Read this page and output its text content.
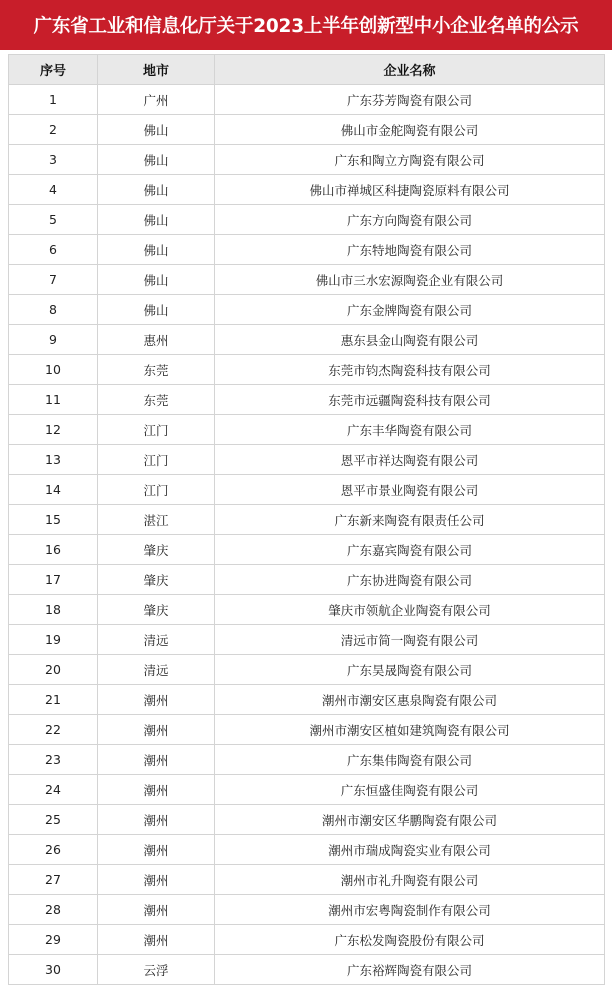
广东省工业和信息化厅关于2023上半年创新型中小企业名单的公示
序号	地市	企业名称
1	广州	广东芬芳陶瓷有限公司
2	佛山	佛山市金舵陶瓷有限公司
3	佛山	广东和陶立方陶瓷有限公司
4	佛山	佛山市禅城区科捷陶瓷原料有限公司
5	佛山	广东方向陶瓷有限公司
6	佛山	广东特地陶瓷有限公司
7	佛山	佛山市三水宏源陶瓷企业有限公司
8	佛山	广东金牌陶瓷有限公司
9	惠州	惠东县金山陶瓷有限公司
10	东莞	东莞市钧杰陶瓷科技有限公司
11	东莞	东莞市远疆陶瓷科技有限公司
12	江门	广东丰华陶瓷有限公司
13	江门	恩平市祥达陶瓷有限公司
14	江门	恩平市景业陶瓷有限公司
15	湛江	广东新来陶瓷有限责任公司
16	肇庆	广东嘉宾陶瓷有限公司
17	肇庆	广东协进陶瓷有限公司
18	肇庆	肇庆市领航企业陶瓷有限公司
19	清远	清远市简一陶瓷有限公司
20	清远	广东昊晟陶瓷有限公司
21	潮州	潮州市潮安区惠泉陶瓷有限公司
22	潮州	潮州市潮安区植如建筑陶瓷有限公司
23	潮州	广东集伟陶瓷有限公司
24	潮州	广东恒盛佳陶瓷有限公司
25	潮州	潮州市潮安区华鹏陶瓷有限公司
26	潮州	潮州市瑞成陶瓷实业有限公司
27	潮州	潮州市礼升陶瓷有限公司
28	潮州	潮州市宏粤陶瓷制作有限公司
29	潮州	广东松发陶瓷股份有限公司
30	云浮	广东裕辉陶瓷有限公司
